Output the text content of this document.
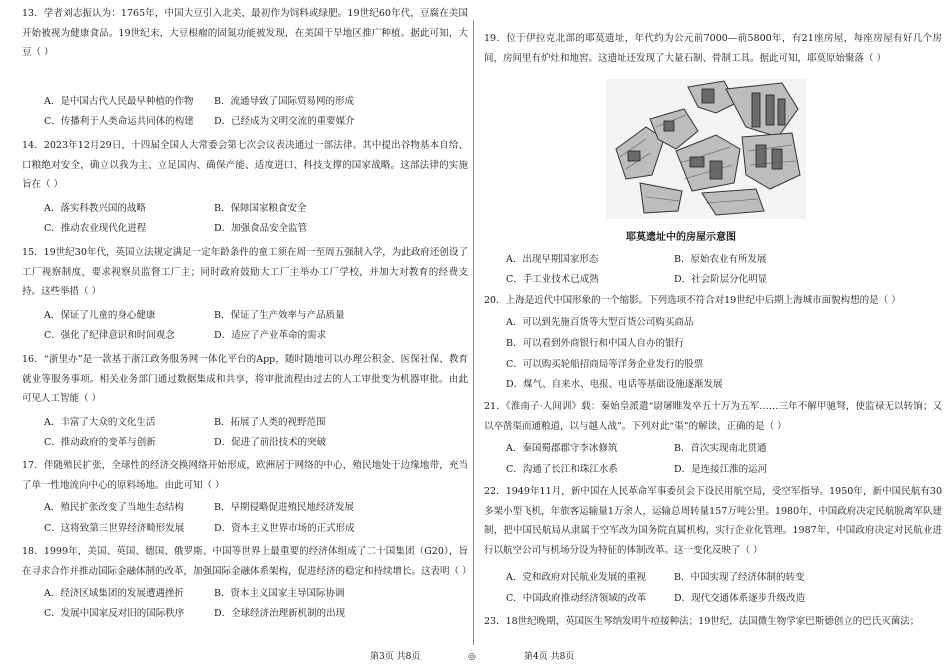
13．学者刘志振认为：1765年，中国大豆引入北美，最初作为饲料或绿肥。19世纪60年代，豆腐在美国开始被视为健康食品。19世纪末，大豆根瘤的固氮功能被发现，在美国干旱地区推广种植。据此可知，大豆（ ）

A．是中国古代人民最早种植的作物 B．流通导致了国际贸易网的形成
C．传播利于人类命运共同体的构建 D．已经成为文明交流的重要媒介

14．2023年12月29日，十四届全国人大常委会第七次会议表决通过一部法律。其中提出谷物基本自给、口粮绝对安全，确立以我为主、立足国内、确保产能、适度进口、科技支撑的国家战略。这部法律的实施旨在（ ）

A．落实科教兴国的战略	B．保障国家粮食安全
C．推动农业现代化进程	D．加强食品安全监管

15．19世纪30年代，英国立法规定满足一定年龄条件的童工须在周一至周五强制入学，为此政府还创设了工厂视察制度，要求视察员监督工厂主；同时政府鼓励大工厂主举办工厂学校，并加大对教育的经费支持。这些举措（ ）

A．保证了儿童的身心健康	B．保证了生产效率与产品质量
C．强化了纪律意识和时间观念	D．适应了产业革命的需求

16．“浙里办”是一款基于浙江政务服务网一体化平台的App，随时随地可以办理公积金、医保社保、教育就业等服务事项。相关业务部门通过数据集成和共享，将审批流程由过去的人工审批变为机器审批。由此可见人工智能（ ）

A．丰富了大众的文化生活	B．拓展了人类的视野范围
C．推动政府的变革与创新	D．促进了前沿技术的突破

17．伴随殖民扩张，全球性的经济交换网络开始形成，欧洲居于网络的中心，殖民地处于边缘地带，充当了单一性地流向中心的原料场地。由此可知（ ）

A．殖民扩张改变了当地生态结构	B．早期侵略促进殖民地经济发展
C．这将致第三世界经济畸形发展	D．资本主义世界市场的正式形成

18．1999年，美国、英国、德国、俄罗斯、中国等世界上最重要的经济体组成了二十国集团（G20），旨在寻求合作并推动国际金融体制的改革，加强国际金融体系架构，促进经济的稳定和持续增长。这表明（ ）

A．经济区域集团的发展遭遇挫折	B．资本主义国家主导国际协调
C．发展中国家反对旧的国际秩序	D．全球经济治理新机制的出现

19．位于伊拉克北部的耶莫遗址，年代约为公元前7000—前5800年，有21座房屋，每座房屋有好几个房间，房间里有炉灶和地窖。这遗址还发现了大量石制、骨制工具。据此可知，耶莫原始聚落（ ）

耶莫遗址中的房屋示意图
A．出现早期国家形态	B．原始农业有所发展
C．手工业技术已成熟	D．社会阶层分化明显

20．上海是近代中国形象的一个缩影。下列选项不符合对19世纪中后期上海城市面貌构想的是（ ）

A．可以到先施百货等大型百货公司购买商品
B．可以看到外商银行和中国人自办的银行
C．可以购买轮船招商局等洋务企业发行的股票
D．煤气、自来水、电报、电话等基础设施逐渐发展

21．《淮南子·人间训》载：秦始皇派遣“尉屠睢发卒五十万为五军……三年不解甲驰弩，使监禄无以转饷；又以卒凿渠而通粮道，以与越人战”。下列对此“渠”的解读，正确的是（ ）

A．秦国蜀郡郡守李冰修筑	B．首次实现南北贯通
C．沟通了长江和珠江水系	D．是连接江淮的运河

22．1949年11月，新中国在人民革命军事委员会下设民用航空局，受空军指导。1950年，新中国民航有30多架小型飞机，年旅客运输量1万余人，运输总周转量157万吨公里。1980年，中国政府决定民航脱离军队建制，把中国民航局从隶属于空军改为国务院直属机构，实行企业化管理。1987年，中国政府决定对民航业进行以航空公司与机场分设为特征的体制改革。这一变化反映了（ ）

A．党和政府对民航业发展的重视	B．中国实现了经济体制的转变
C．中国政府推动经济领域的改革	D．现代交通体系逐步升级改造

23．18世纪晚期，英国医生琴纳发明牛痘接种法；19世纪，法国微生物学家巴斯德创立的巴氏灭菌法；

第3页 共8页	◎	第4页 共8页
